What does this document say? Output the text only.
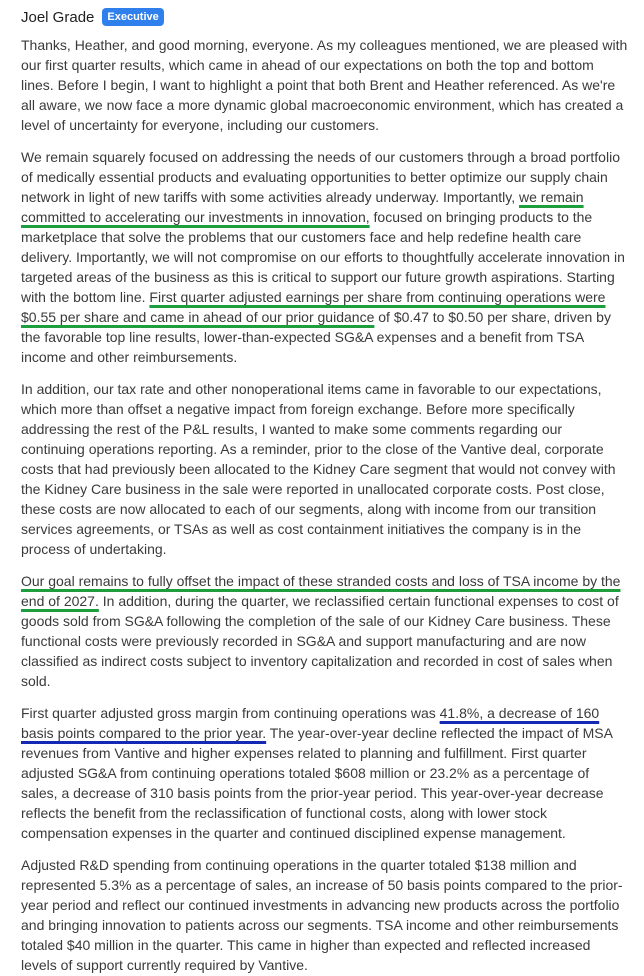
Joel Grade	Executive

Thanks, Heather, and good morning, everyone. As my colleagues mentioned, we are pleased with our first quarter results, which came in ahead of our expectations on both the top and bottom lines. Before I begin, I want to highlight a point that both Brent and Heather referenced. As we're all aware, we now face a more dynamic global macroeconomic environment, which has created a level of uncertainty for everyone, including our customers.

We remain squarely focused on addressing the needs of our customers through a broad portfolio of medically essential products and evaluating opportunities to better optimize our supply chain network in light of new tariffs with some activities already underway. Importantly, we remain committed to accelerating our investments in innovation, focused on bringing products to the marketplace that solve the problems that our customers face and help redefine health care delivery. Importantly, we will not compromise on our efforts to thoughtfully accelerate innovation in targeted areas of the business as this is critical to support our future growth aspirations. Starting with the bottom line. First quarter adjusted earnings per share from continuing operations were $0.55 per share and came in ahead of our prior guidance of $0.47 to $0.50 per share, driven by the favorable top line results, lower-than-expected SG&A expenses and a benefit from TSA income and other reimbursements.

In addition, our tax rate and other nonoperational items came in favorable to our expectations, which more than offset a negative impact from foreign exchange. Before more specifically addressing the rest of the P&L results, I wanted to make some comments regarding our continuing operations reporting. As a reminder, prior to the close of the Vantive deal, corporate costs that had previously been allocated to the Kidney Care segment that would not convey with the Kidney Care business in the sale were reported in unallocated corporate costs. Post close, these costs are now allocated to each of our segments, along with income from our transition services agreements, or TSAs as well as cost containment initiatives the company is in the process of undertaking.

Our goal remains to fully offset the impact of these stranded costs and loss of TSA income by the end of 2027. In addition, during the quarter, we reclassified certain functional expenses to cost of goods sold from SG&A following the completion of the sale of our Kidney Care business. These functional costs were previously recorded in SG&A and support manufacturing and are now classified as indirect costs subject to inventory capitalization and recorded in cost of sales when sold.

First quarter adjusted gross margin from continuing operations was 41.8%, a decrease of 160 basis points compared to the prior year. The year-over-year decline reflected the impact of MSA revenues from Vantive and higher expenses related to planning and fulfillment. First quarter adjusted SG&A from continuing operations totaled $608 million or 23.2% as a percentage of sales, a decrease of 310 basis points from the prior-year period. This year-over-year decrease reflects the benefit from the reclassification of functional costs, along with lower stock compensation expenses in the quarter and continued disciplined expense management.

Adjusted R&D spending from continuing operations in the quarter totaled $138 million and represented 5.3% as a percentage of sales, an increase of 50 basis points compared to the prior-year period and reflect our continued investments in advancing new products across the portfolio and bringing innovation to patients across our segments. TSA income and other reimbursements totaled $40 million in the quarter. This came in higher than expected and reflected increased levels of support currently required by Vantive.
